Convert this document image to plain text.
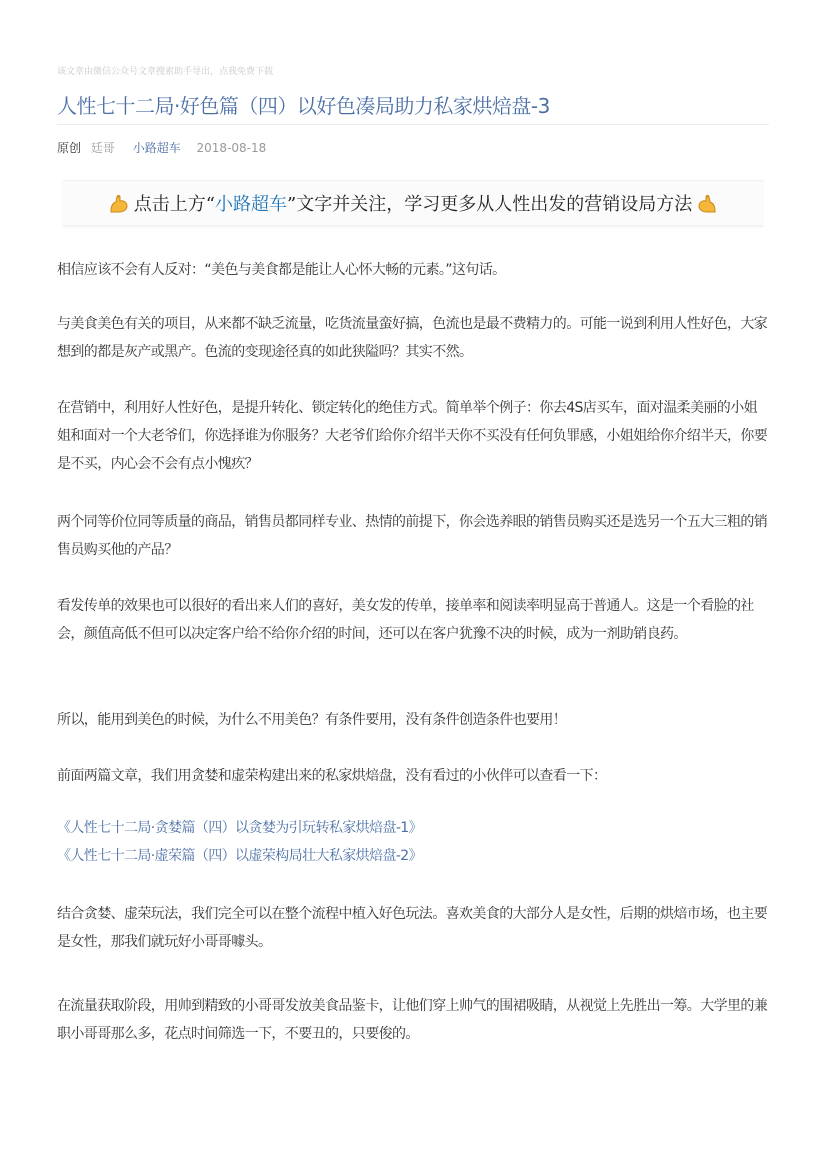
该文章由微信公众号文章搜索助手导出，点我免费下载
人性七十二局·好色篇（四）以好色凑局助力私家烘焙盘-3
原创 廷哥 小路超车 2018-08-18
点击上方“ 小路超车 ”文字并关注，学习更多从人性出发的营销设局方法

相信应该不会有人反对：“美色与美食都是能让人心怀大畅的元素。”这句话。

与美食美色有关的项目，从来都不缺乏流量，吃货流量蛮好搞，色流也是最不费精力的。可能一说到利用人性好色，大家想到的都是灰产或黑产。色流的变现途径真的如此狭隘吗？其实不然。

在营销中，利用好人性好色，是提升转化、锁定转化的绝佳方式。简单举个例子：你去4S店买车，面对温柔美丽的小姐姐和面对一个大老爷们，你选择谁为你服务？大老爷们给你介绍半天你不买没有任何负罪感，小姐姐给你介绍半天，你要是不买，内心会不会有点小愧疚？

两个同等价位同等质量的商品，销售员都同样专业、热情的前提下，你会选养眼的销售员购买还是选另一个五大三粗的销售员购买他的产品？

看发传单的效果也可以很好的看出来人们的喜好，美女发的传单，接单率和阅读率明显高于普通人。这是一个看脸的社会，颜值高低不但可以决定客户给不给你介绍的时间，还可以在客户犹豫不决的时候，成为一剂助销良药。

所以，能用到美色的时候，为什么不用美色？有条件要用，没有条件创造条件也要用！

前面两篇文章，我们用贪婪和虚荣构建出来的私家烘焙盘，没有看过的小伙伴可以查看一下：

《人性七十二局·贪婪篇（四）以贪婪为引玩转私家烘焙盘-1》
《人性七十二局·虚荣篇（四）以虚荣构局壮大私家烘焙盘-2》

结合贪婪、虚荣玩法，我们完全可以在整个流程中植入好色玩法。喜欢美食的大部分人是女性，后期的烘焙市场，也主要是女性，那我们就玩好小哥哥噱头。

在流量获取阶段，用帅到精致的小哥哥发放美食品鉴卡，让他们穿上帅气的围裙吸睛，从视觉上先胜出一筹。大学里的兼职小哥哥那么多，花点时间筛选一下，不要丑的，只要俊的。
